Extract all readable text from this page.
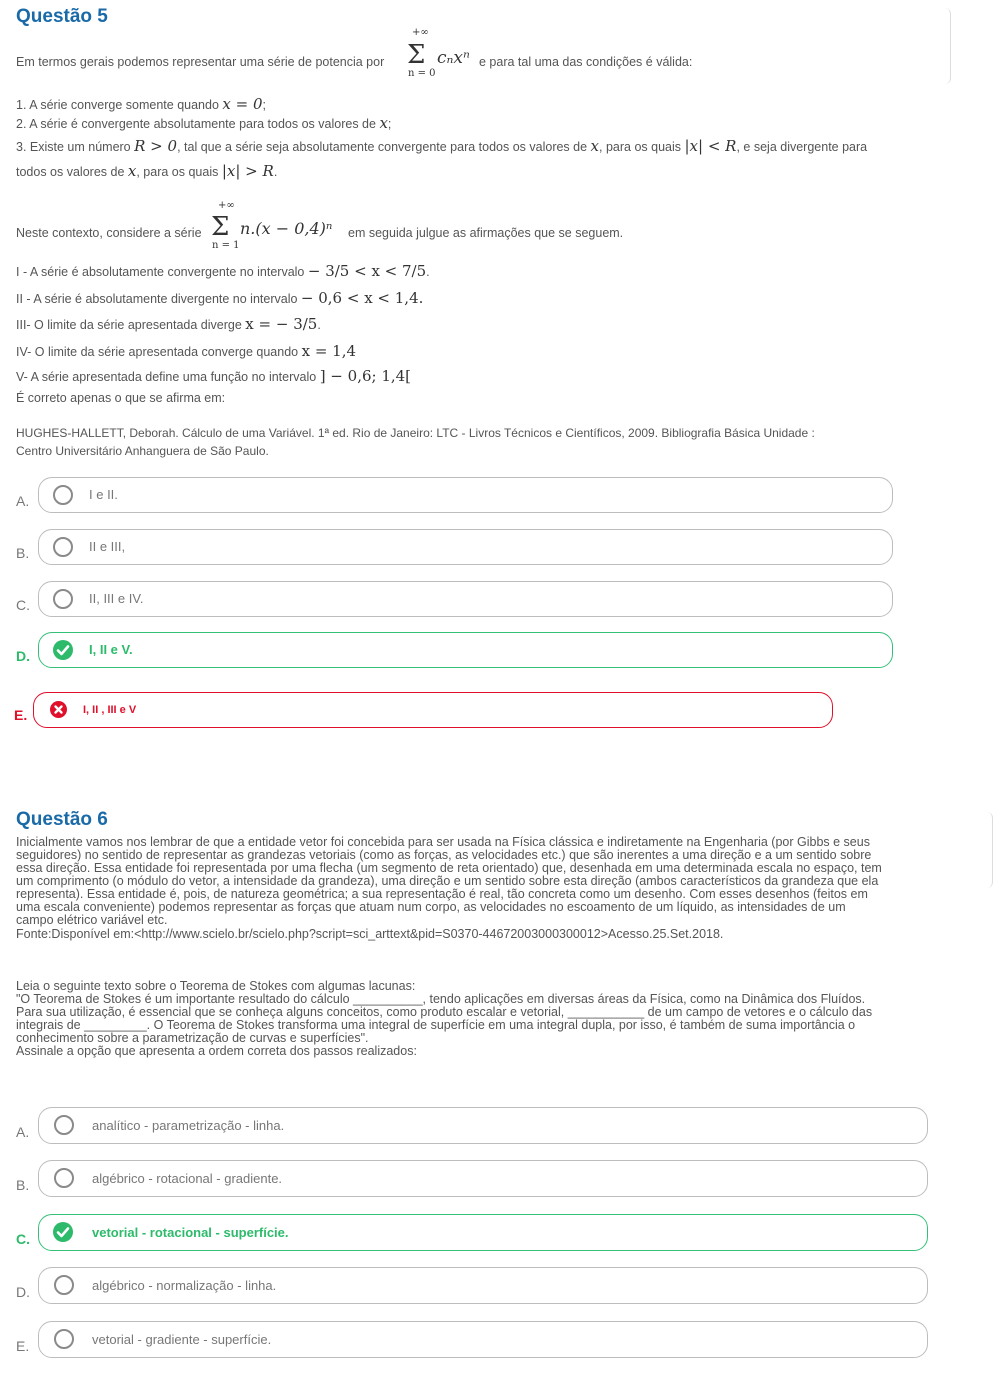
Questão 5
Em termos gerais podemos representar uma série de potencia por
+∞
Σ
n = 0
cₙxⁿ e para tal uma das condições é válida:
1. A série converge somente quando x = 0;
2. A série é convergente absolutamente para todos os valores de x;
3. Existe um número R > 0, tal que a série seja absolutamente convergente para todos os valores de x, para os quais |x| < R, e seja divergente para
todos os valores de x, para os quais |x| > R.
Neste contexto, considere a série
+∞
Σ
n = 1
n.(x − 0,4)ⁿ em seguida julgue as afirmações que se seguem.
I - A série é absolutamente convergente no intervalo − 3/5 < x < 7/5.
II - A série é absolutamente divergente no intervalo − 0,6 < x < 1,4.
III- O limite da série apresentada diverge x = − 3/5.
IV- O limite da série apresentada converge quando x = 1,4
V- A série apresentada define uma função no intervalo ] − 0,6; 1,4[
É correto apenas o que se afirma em:
HUGHES-HALLETT, Deborah. Cálculo de uma Variável. 1ª ed. Rio de Janeiro: LTC - Livros Técnicos e Científicos, 2009. Bibliografia Básica Unidade :
Centro Universitário Anhanguera de São Paulo.
A.	I e II.
B.	II e III,
C.	II, III e IV.
D.	I, II e V.
E.	I, II , III e V
Questão 6
Inicialmente vamos nos lembrar de que a entidade vetor foi concebida para ser usada na Física clássica e indiretamente na Engenharia (por Gibbs e seus
seguidores) no sentido de representar as grandezas vetoriais (como as forças, as velocidades etc.) que são inerentes a uma direção e a um sentido sobre
essa direção. Essa entidade foi representada por uma flecha (um segmento de reta orientado) que, desenhada em uma determinada escala no espaço, tem
um comprimento (o módulo do vetor, a intensidade da grandeza), uma direção e um sentido sobre esta direção (ambos característicos da grandeza que ela
representa). Essa entidade é, pois, de natureza geométrica; a sua representação é real, tão concreta como um desenho. Com esses desenhos (feitos em
uma escala conveniente) podemos representar as forças que atuam num corpo, as velocidades no escoamento de um líquido, as intensidades de um
campo elétrico variável etc.
Fonte:Disponível em:<http://www.scielo.br/scielo.php?script=sci_arttext&pid=S0370-44672003000300012>Acesso.25.Set.2018.
Leia o seguinte texto sobre o Teorema de Stokes com algumas lacunas:
"O Teorema de Stokes é um importante resultado do cálculo __________, tendo aplicações em diversas áreas da Física, como na Dinâmica dos Fluídos.
Para sua utilização, é essencial que se conheça alguns conceitos, como produto escalar e vetorial, ___________ de um campo de vetores e o cálculo das
integrais de _________. O Teorema de Stokes transforma uma integral de superfície em uma integral dupla, por isso, é também de suma importância o
conhecimento sobre a parametrização de curvas e superfícies".
Assinale a opção que apresenta a ordem correta dos passos realizados:
A.	analítico - parametrização - linha.
B.	algébrico - rotacional - gradiente.
C.	vetorial - rotacional - superfície.
D.	algébrico - normalização - linha.
E.	vetorial - gradiente - superfície.
